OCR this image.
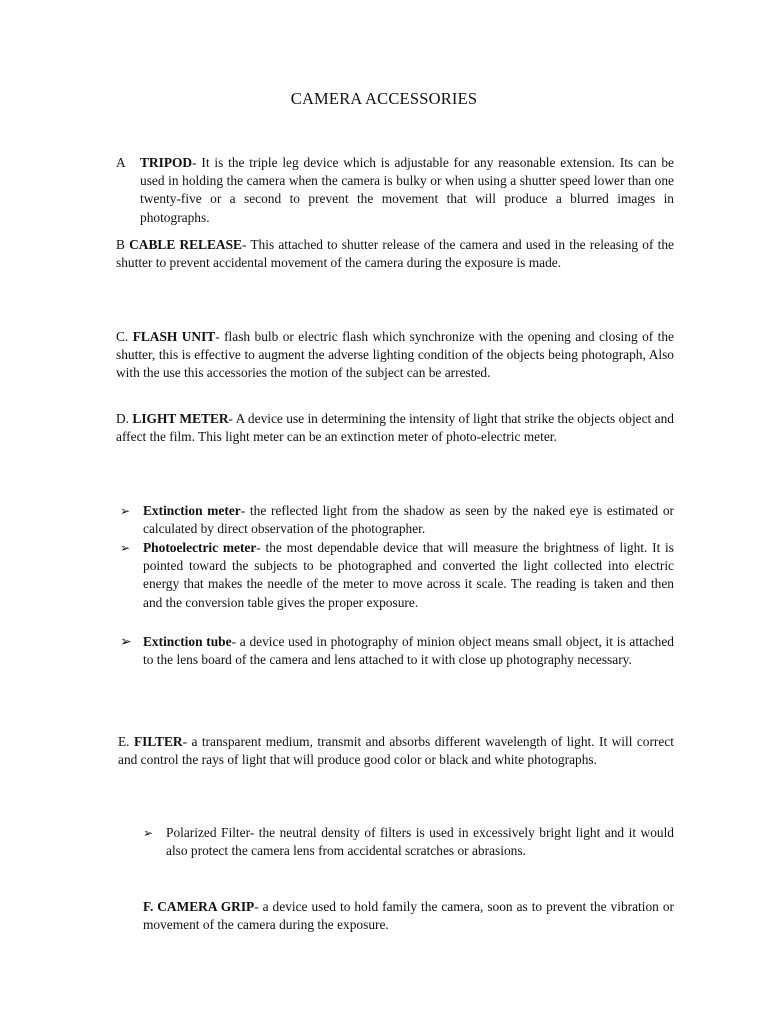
CAMERA ACCESSORIES
A	TRIPOD- It is the triple leg device which is adjustable for any reasonable extension. Its can be used in holding the camera when the camera is bulky or when using a shutter speed lower than one twenty-five or a second to prevent the movement that will produce a blurred images in photographs.
B CABLE RELEASE- This attached to shutter release of the camera and used in the releasing of the shutter to prevent accidental movement of the camera during the exposure is made.
C. FLASH UNIT- flash bulb or electric flash which synchronize with the opening and closing of the shutter, this is effective to augment the adverse lighting condition of the objects being photograph, Also with the use this accessories the motion of the subject can be arrested.
D. LIGHT METER- A device use in determining the intensity of light that strike the objects object and affect the film. This light meter can be an extinction meter of photo-electric meter.
➢ Extinction meter- the reflected light from the shadow as seen by the naked eye is estimated or calculated by direct observation of the photographer.
➢ Photoelectric meter- the most dependable device that will measure the brightness of light. It is pointed toward the subjects to be photographed and converted the light collected into electric energy that makes the needle of the meter to move across it scale. The reading is taken and then and the conversion table gives the proper exposure.
➢ Extinction tube- a device used in photography of minion object means small object, it is attached to the lens board of the camera and lens attached to it with close up photography necessary.
E. FILTER- a transparent medium, transmit and absorbs different wavelength of light. It will correct and control the rays of light that will produce good color or black and white photographs.
➢ Polarized Filter- the neutral density of filters is used in excessively bright light and it would also protect the camera lens from accidental scratches or abrasions.
F. CAMERA GRIP- a device used to hold family the camera, soon as to prevent the vibration or movement of the camera during the exposure.
